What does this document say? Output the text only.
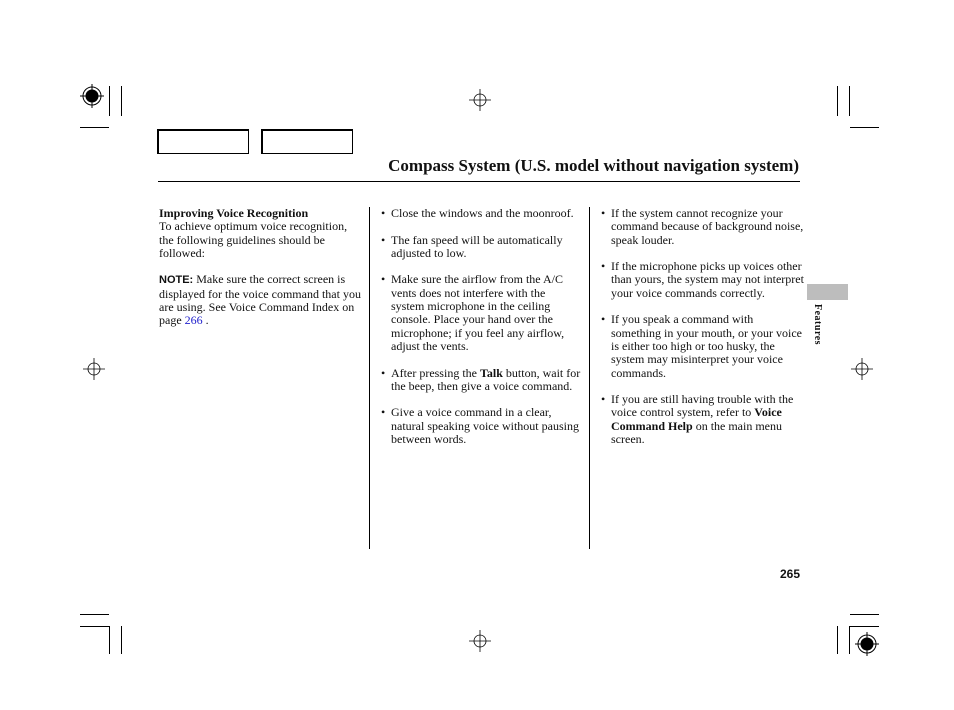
Compass System (U.S. model without navigation system)
Improving Voice Recognition

To achieve optimum voice recognition, the following guidelines should be followed:

NOTE: Make sure the correct screen is displayed for the voice command that you are using. See Voice Command Index on page 266 .

• Close the windows and the moonroof.

• The fan speed will be automatically adjusted to low.

• Make sure the airflow from the A/C vents does not interfere with the system microphone in the ceiling console. Place your hand over the microphone; if you feel any airflow, adjust the vents.

• After pressing the Talk button, wait for the beep, then give a voice command.

• Give a voice command in a clear, natural speaking voice without pausing between words.

• If the system cannot recognize your command because of background noise, speak louder.

• If the microphone picks up voices other than yours, the system may not interpret your voice commands correctly.

• If you speak a command with something in your mouth, or your voice is either too high or too husky, the system may misinterpret your voice commands.

• If you are still having trouble with the voice control system, refer to Voice Command Help on the main menu screen.

Features
265
